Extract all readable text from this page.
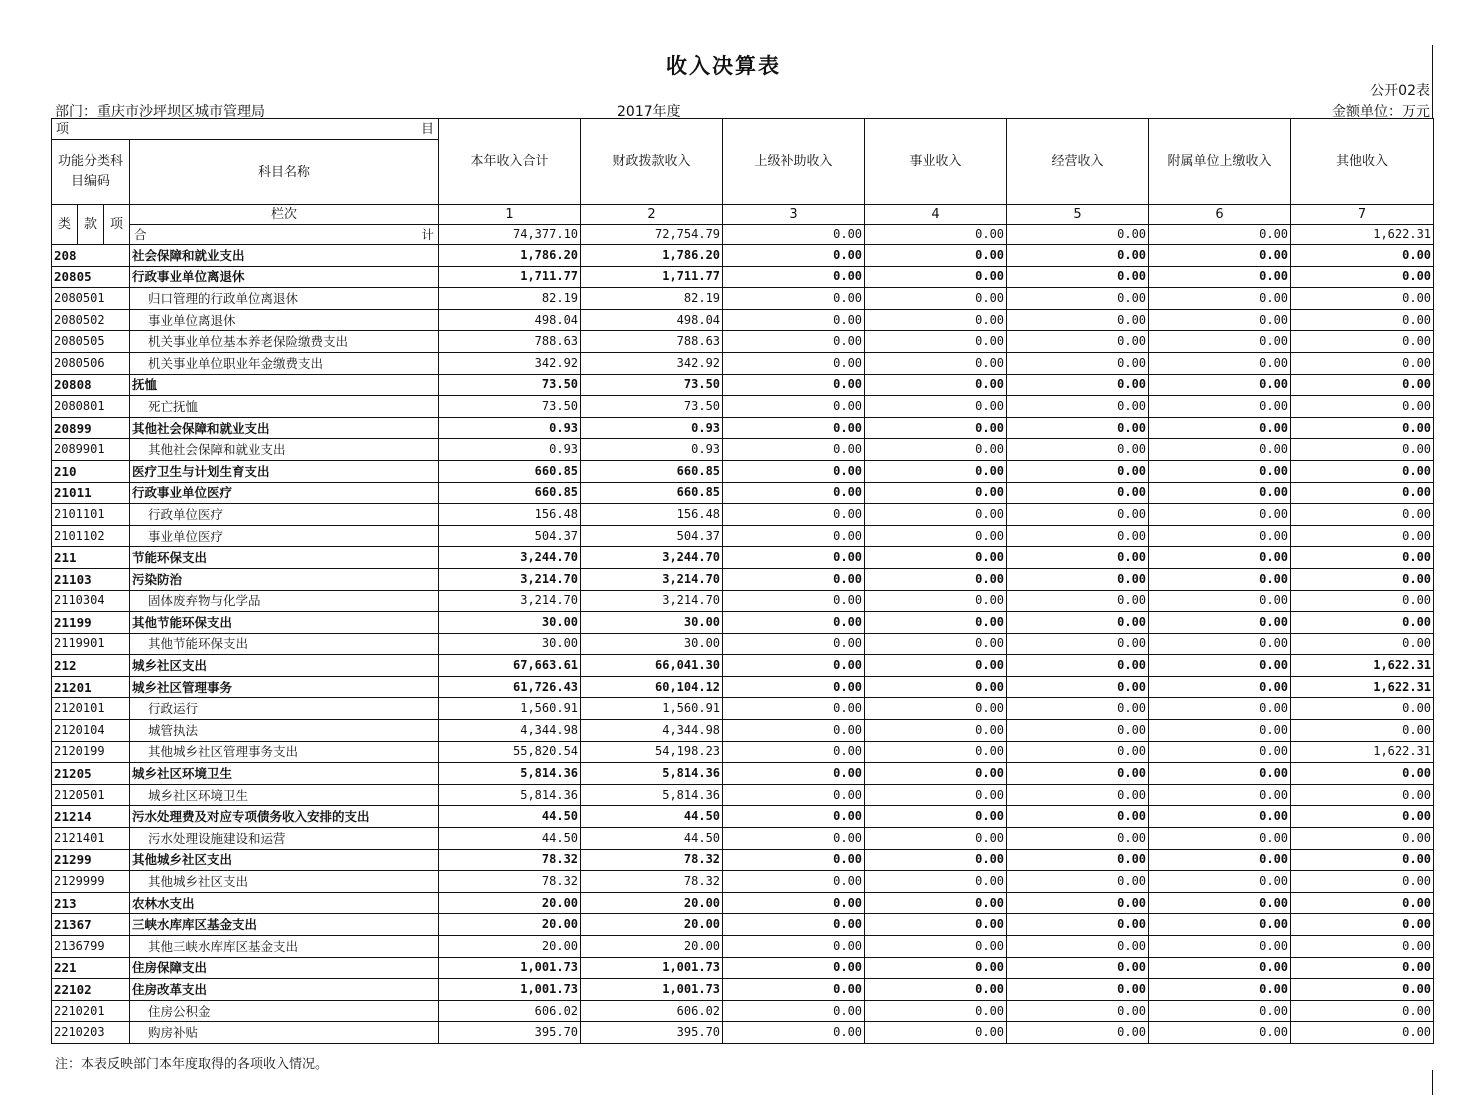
收入决算表
公开02表
部门：重庆市沙坪坝区城市管理局	2017年度	金额单位：万元
项 目				本年收入合计	财政拨款收入	上级补助收入	事业收入	经营收入	附属单位上缴收入	其他收入
功能分类科目编码			科目名称							
类	款	项	栏次	1	2	3	4	5	6	7

			合 计	74,377.10	72,754.79	0.00	0.00	0.00	0.00	1,622.31
208			社会保障和就业支出	1,786.20	1,786.20	0.00	0.00	0.00	0.00	0.00
20805			行政事业单位离退休	1,711.77	1,711.77	0.00	0.00	0.00	0.00	0.00
2080501			归口管理的行政单位离退休	82.19	82.19	0.00	0.00	0.00	0.00	0.00
2080502			事业单位离退休	498.04	498.04	0.00	0.00	0.00	0.00	0.00
2080505			机关事业单位基本养老保险缴费支出	788.63	788.63	0.00	0.00	0.00	0.00	0.00
2080506			机关事业单位职业年金缴费支出	342.92	342.92	0.00	0.00	0.00	0.00	0.00
20808			抚恤	73.50	73.50	0.00	0.00	0.00	0.00	0.00
2080801			死亡抚恤	73.50	73.50	0.00	0.00	0.00	0.00	0.00
20899			其他社会保障和就业支出	0.93	0.93	0.00	0.00	0.00	0.00	0.00
2089901			其他社会保障和就业支出	0.93	0.93	0.00	0.00	0.00	0.00	0.00
210			医疗卫生与计划生育支出	660.85	660.85	0.00	0.00	0.00	0.00	0.00
21011			行政事业单位医疗	660.85	660.85	0.00	0.00	0.00	0.00	0.00
2101101			行政单位医疗	156.48	156.48	0.00	0.00	0.00	0.00	0.00
2101102			事业单位医疗	504.37	504.37	0.00	0.00	0.00	0.00	0.00
211			节能环保支出	3,244.70	3,244.70	0.00	0.00	0.00	0.00	0.00
21103			污染防治	3,214.70	3,214.70	0.00	0.00	0.00	0.00	0.00
2110304			固体废弃物与化学品	3,214.70	3,214.70	0.00	0.00	0.00	0.00	0.00
21199			其他节能环保支出	30.00	30.00	0.00	0.00	0.00	0.00	0.00
2119901			其他节能环保支出	30.00	30.00	0.00	0.00	0.00	0.00	0.00
212			城乡社区支出	67,663.61	66,041.30	0.00	0.00	0.00	0.00	1,622.31
21201			城乡社区管理事务	61,726.43	60,104.12	0.00	0.00	0.00	0.00	1,622.31
2120101			行政运行	1,560.91	1,560.91	0.00	0.00	0.00	0.00	0.00
2120104			城管执法	4,344.98	4,344.98	0.00	0.00	0.00	0.00	0.00
2120199			其他城乡社区管理事务支出	55,820.54	54,198.23	0.00	0.00	0.00	0.00	1,622.31
21205			城乡社区环境卫生	5,814.36	5,814.36	0.00	0.00	0.00	0.00	0.00
2120501			城乡社区环境卫生	5,814.36	5,814.36	0.00	0.00	0.00	0.00	0.00
21214			污水处理费及对应专项债务收入安排的支出	44.50	44.50	0.00	0.00	0.00	0.00	0.00
2121401			污水处理设施建设和运营	44.50	44.50	0.00	0.00	0.00	0.00	0.00
21299			其他城乡社区支出	78.32	78.32	0.00	0.00	0.00	0.00	0.00
2129999			其他城乡社区支出	78.32	78.32	0.00	0.00	0.00	0.00	0.00
213			农林水支出	20.00	20.00	0.00	0.00	0.00	0.00	0.00
21367			三峡水库库区基金支出	20.00	20.00	0.00	0.00	0.00	0.00	0.00
2136799			其他三峡水库库区基金支出	20.00	20.00	0.00	0.00	0.00	0.00	0.00
221			住房保障支出	1,001.73	1,001.73	0.00	0.00	0.00	0.00	0.00
22102			住房改革支出	1,001.73	1,001.73	0.00	0.00	0.00	0.00	0.00
2210201			住房公积金	606.02	606.02	0.00	0.00	0.00	0.00	0.00
2210203			购房补贴	395.70	395.70	0.00	0.00	0.00	0.00	0.00
注：本表反映部门本年度取得的各项收入情况。
